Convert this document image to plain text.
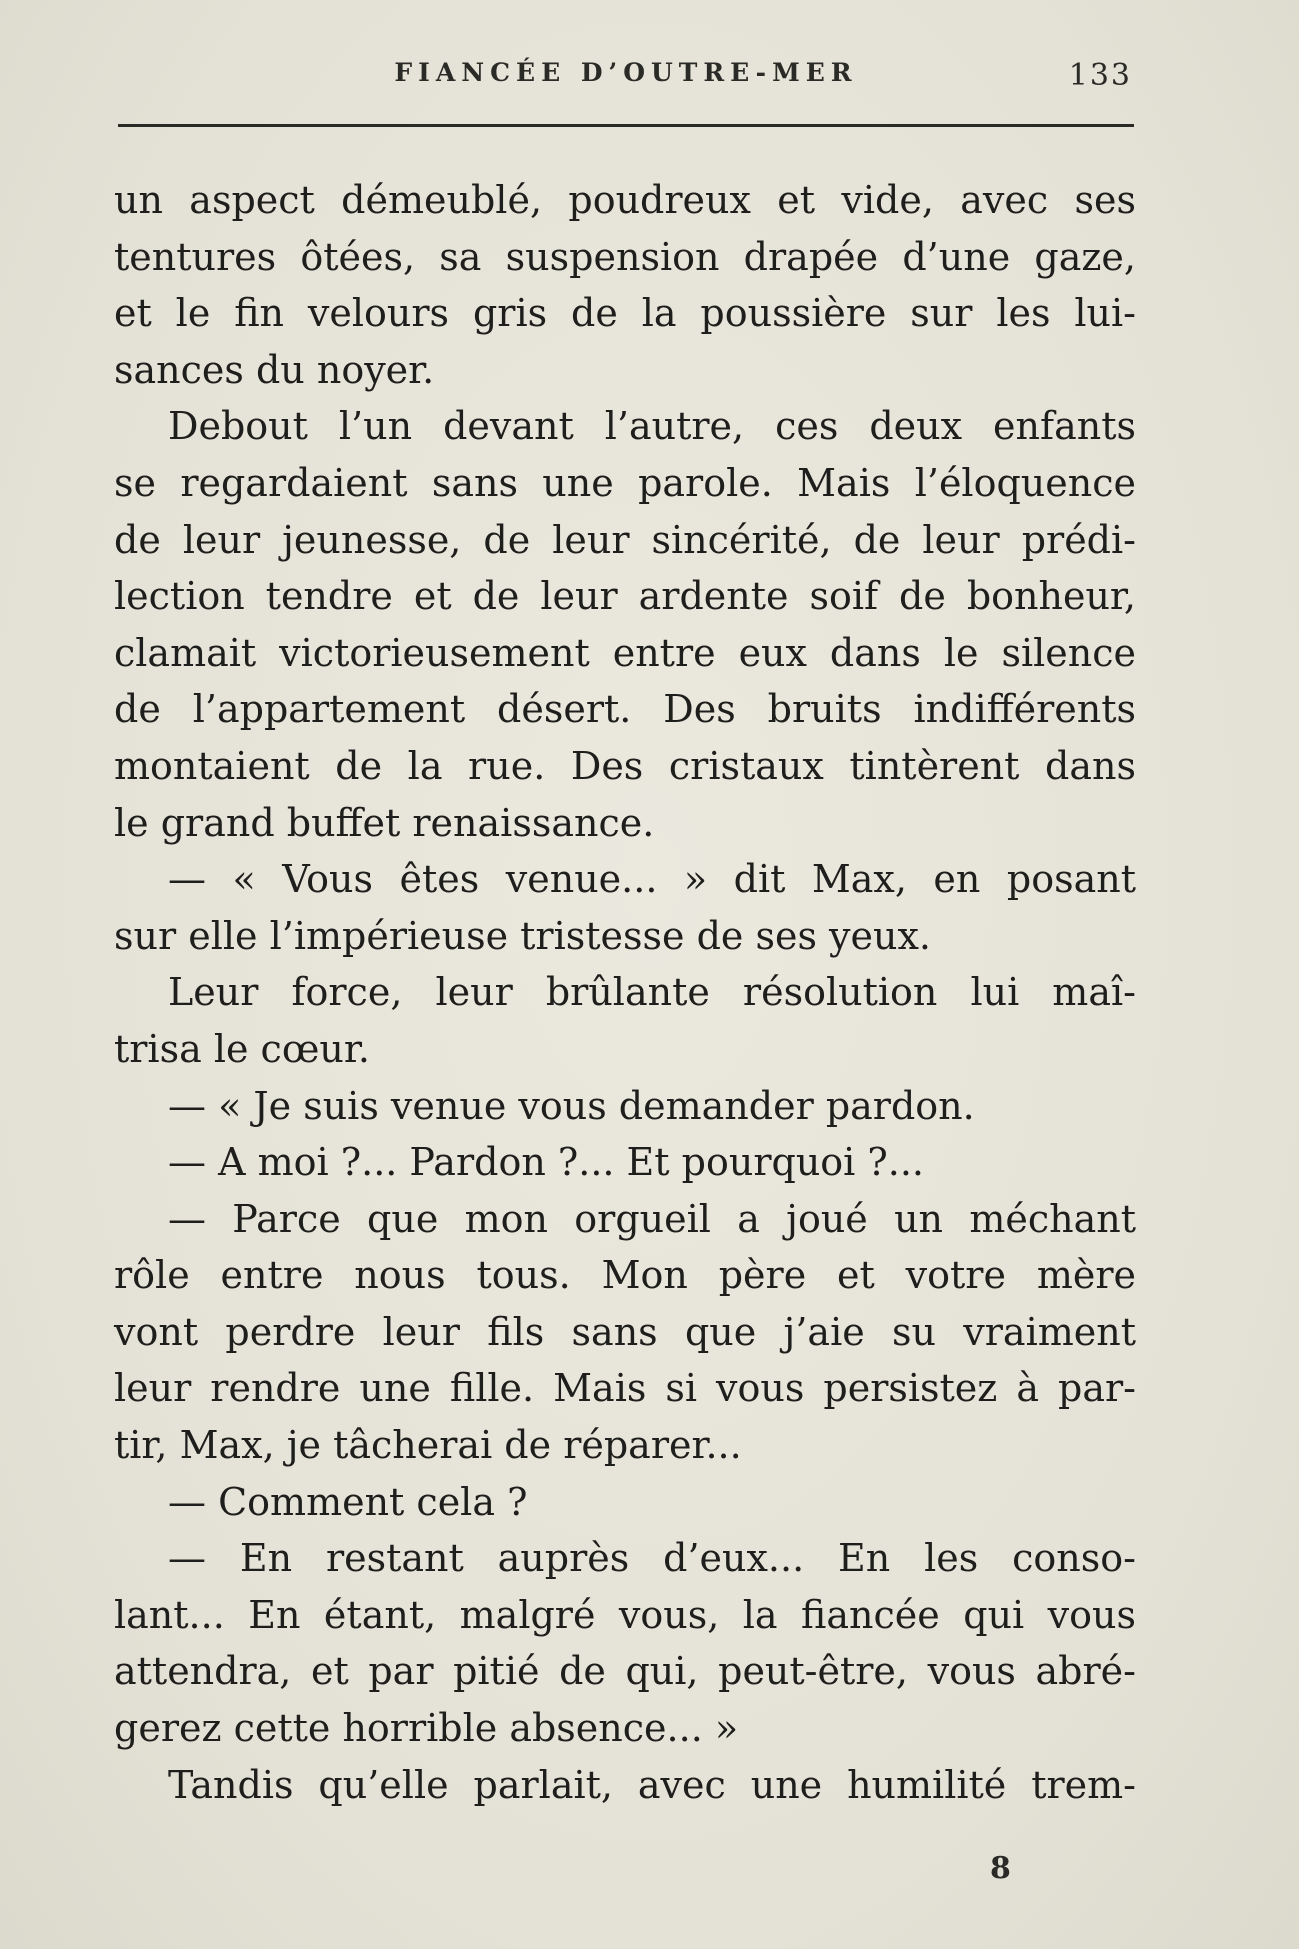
FIANCÉE D’OUTRE-MER	133
un aspect démeublé, poudreux et vide, avec ses
tentures ôtées, sa suspension drapée d’une gaze,
et le fin velours gris de la poussière sur les lui-
sances du noyer.
Debout l’un devant l’autre, ces deux enfants
se regardaient sans une parole. Mais l’éloquence
de leur jeunesse, de leur sincérité, de leur prédi-
lection tendre et de leur ardente soif de bonheur,
clamait victorieusement entre eux dans le silence
de l’appartement désert. Des bruits indifférents
montaient de la rue. Des cristaux tintèrent dans
le grand buffet renaissance.
— « Vous êtes venue... » dit Max, en posant
sur elle l’impérieuse tristesse de ses yeux.
Leur force, leur brûlante résolution lui maî-
trisa le cœur.
— « Je suis venue vous demander pardon.
— A moi ?... Pardon ?... Et pourquoi ?...
— Parce que mon orgueil a joué un méchant
rôle entre nous tous. Mon père et votre mère
vont perdre leur fils sans que j’aie su vraiment
leur rendre une fille. Mais si vous persistez à par-
tir, Max, je tâcherai de réparer...
— Comment cela ?
— En restant auprès d’eux... En les conso-
lant... En étant, malgré vous, la fiancée qui vous
attendra, et par pitié de qui, peut-être, vous abré-
gerez cette horrible absence... »
Tandis qu’elle parlait, avec une humilité trem-
8
